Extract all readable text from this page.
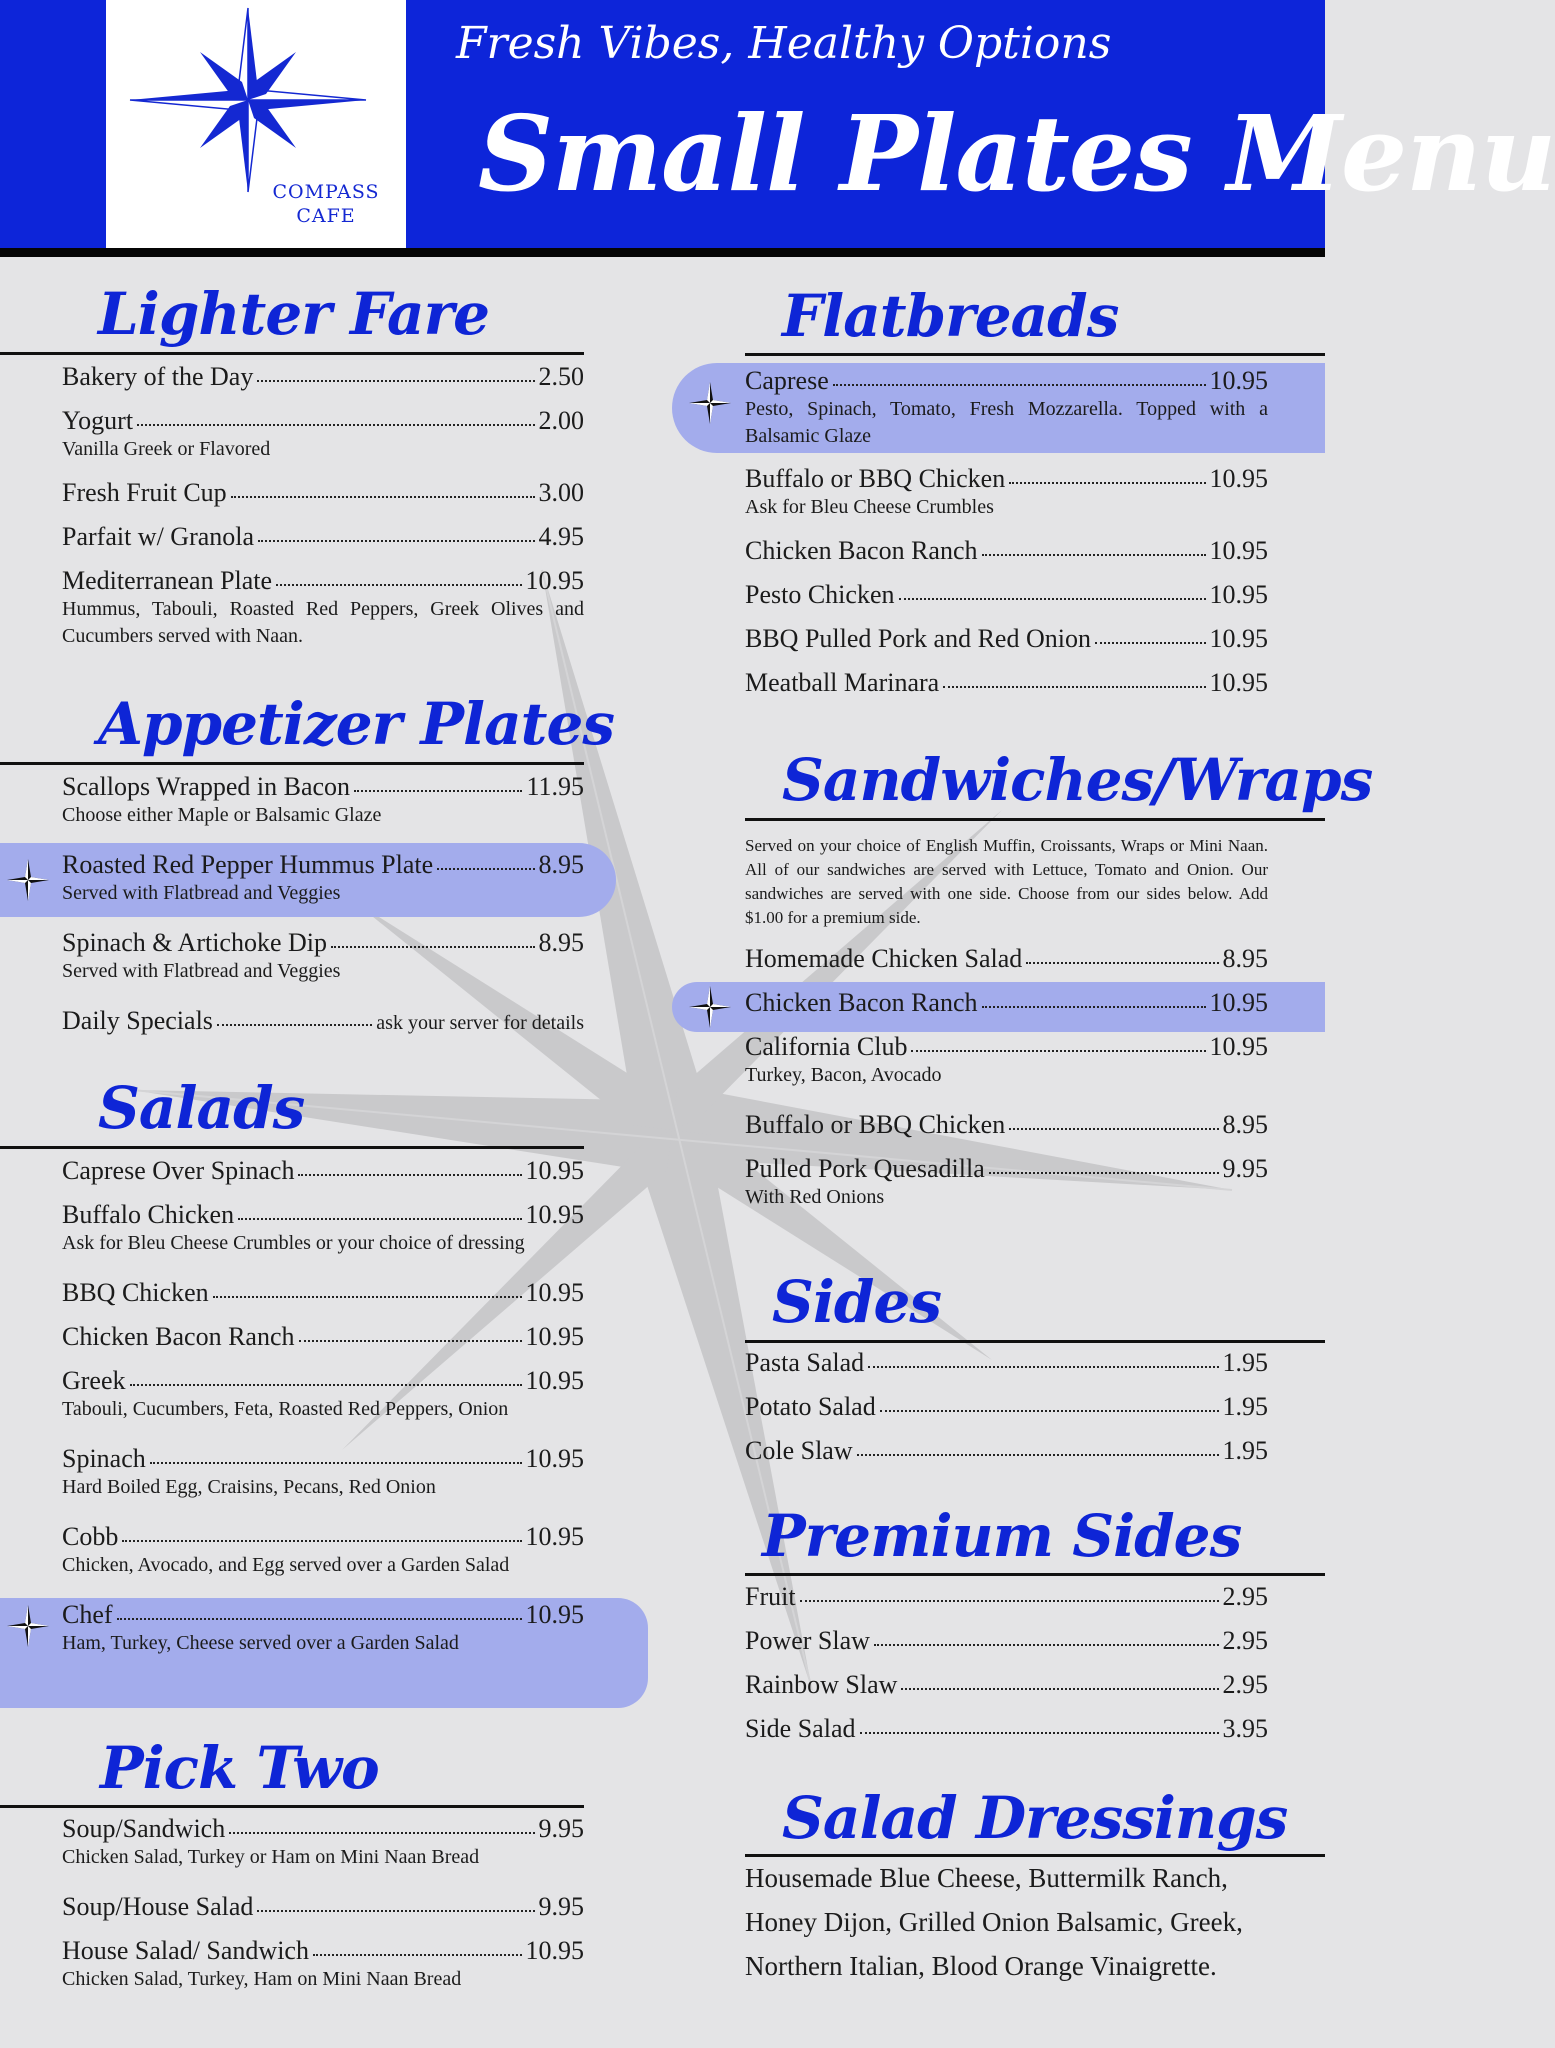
COMPASS
CAFE
Fresh Vibes, Healthy Options
Small Plates Menu
Lighter Fare
Bakery of the Day	2.50
Yogurt	2.00
Vanilla Greek or Flavored
Fresh Fruit Cup	3.00
Parfait w/ Granola	4.95
Mediterranean Plate	10.95
Hummus, Tabouli, Roasted Red Peppers, Greek Olives and Cucumbers served with Naan.
Appetizer Plates
Scallops Wrapped in Bacon	11.95
Choose either Maple or Balsamic Glaze
Roasted Red Pepper Hummus Plate	8.95
Served with Flatbread and Veggies
Spinach & Artichoke Dip	8.95
Served with Flatbread and Veggies
Daily Specials	ask your server for details
Salads
Caprese Over Spinach	10.95
Buffalo Chicken	10.95
Ask for Bleu Cheese Crumbles or your choice of dressing
BBQ Chicken	10.95
Chicken Bacon Ranch	10.95
Greek	10.95
Tabouli, Cucumbers, Feta, Roasted Red Peppers, Onion
Spinach	10.95
Hard Boiled Egg, Craisins, Pecans, Red Onion
Cobb	10.95
Chicken, Avocado, and Egg served over a Garden Salad
Chef	10.95
Ham, Turkey, Cheese served over a Garden Salad
Pick Two
Soup/Sandwich	9.95
Chicken Salad, Turkey or Ham on Mini Naan Bread
Soup/House Salad	9.95
House Salad/ Sandwich	10.95
Chicken Salad, Turkey, Ham on Mini Naan Bread
Flatbreads
Caprese	10.95
Pesto, Spinach, Tomato, Fresh Mozzarella. Topped with a Balsamic Glaze
Buffalo or BBQ Chicken	10.95
Ask for Bleu Cheese Crumbles
Chicken Bacon Ranch	10.95
Pesto Chicken	10.95
BBQ Pulled Pork and Red Onion	10.95
Meatball Marinara	10.95
Sandwiches/Wraps
Served on your choice of English Muffin, Croissants, Wraps or Mini Naan. All of our sandwiches are served with Lettuce, Tomato and Onion. Our sandwiches are served with one side. Choose from our sides below. Add $1.00 for a premium side.
Homemade Chicken Salad	8.95
Chicken Bacon Ranch	10.95
California Club	10.95
Turkey, Bacon, Avocado
Buffalo or BBQ Chicken	8.95
Pulled Pork Quesadilla	9.95
With Red Onions
Sides
Pasta Salad	1.95
Potato Salad	1.95
Cole Slaw	1.95
Premium Sides
Fruit	2.95
Power Slaw	2.95
Rainbow Slaw	2.95
Side Salad	3.95
Salad Dressings
Housemade Blue Cheese, Buttermilk Ranch,
Honey Dijon, Grilled Onion Balsamic, Greek,
Northern Italian, Blood Orange Vinaigrette.
